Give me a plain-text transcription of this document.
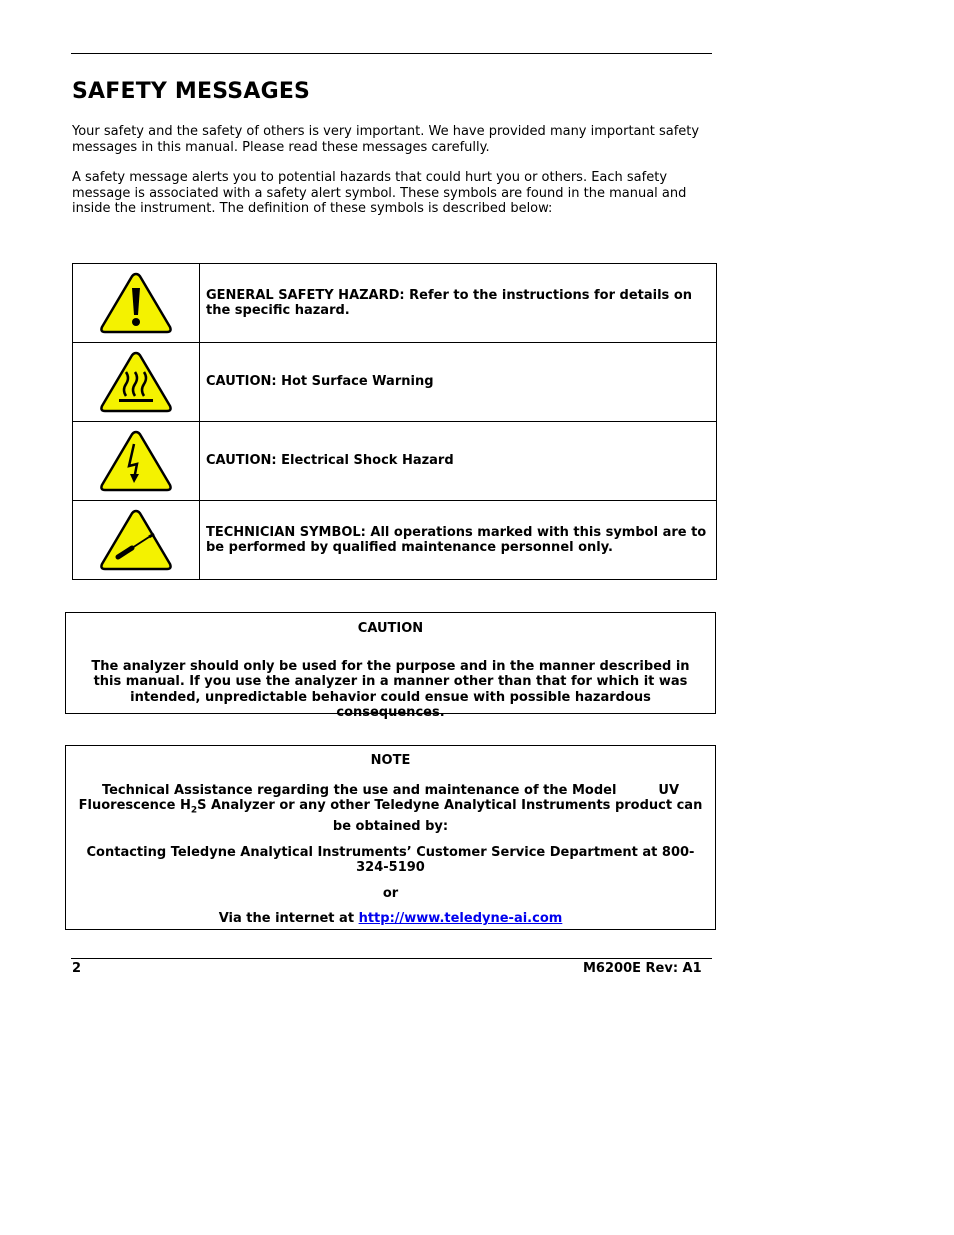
SAFETY MESSAGES

Your safety and the safety of others is very important. We have provided many important safety messages in this manual. Please read these messages carefully.

A safety message alerts you to potential hazards that could hurt you or others. Each safety message is associated with a safety alert symbol. These symbols are found in the manual and inside the instrument. The definition of these symbols is described below:

	GENERAL SAFETY HAZARD: Refer to the instructions for details on the specific hazard.

	CAUTION: Hot Surface Warning

	CAUTION: Electrical Shock Hazard

	TECHNICIAN SYMBOL: All operations marked with this symbol are to be performed by qualified maintenance personnel only.

CAUTION

The analyzer should only be used for the purpose and in the manner described in this manual. If you use the analyzer in a manner other than that for which it was intended, unpredictable behavior could ensue with possible hazardous consequences.

NOTE

Technical Assistance regarding the use and maintenance of the Model	UV
Fluorescence $H_2S$ Analyzer or any other Teledyne Analytical Instruments product can be obtained by:

Contacting Teledyne Analytical Instruments’ Customer Service Department at 800-324-5190

or

Via the internet at http://www.teledyne-ai.com

2	M6200E Rev: A1
